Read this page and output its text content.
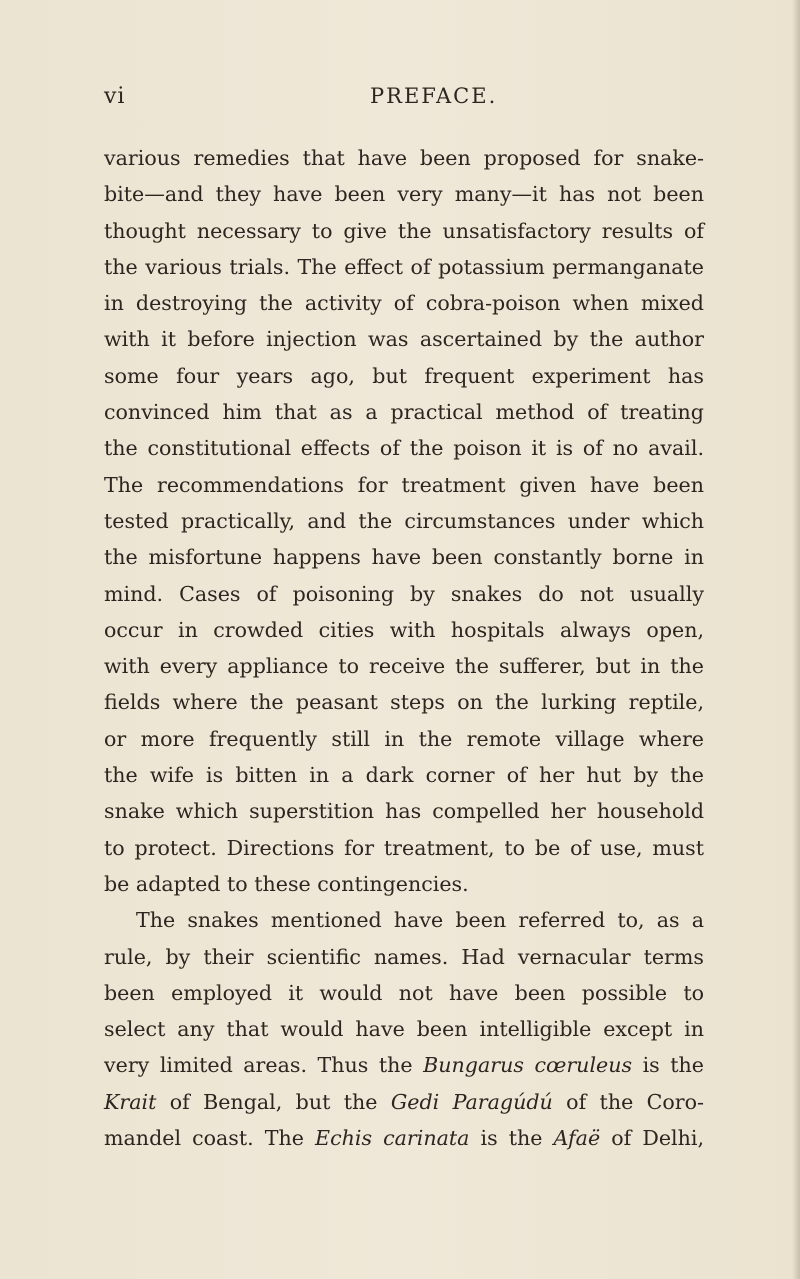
vi	PREFACE.
various remedies that have been proposed for snake-
bite—and they have been very many—it has not been
thought necessary to give the unsatisfactory results of
the various trials. The effect of potassium permanganate
in destroying the activity of cobra-poison when mixed
with it before injection was ascertained by the author
some four years ago, but frequent experiment has
convinced him that as a practical method of treating
the constitutional effects of the poison it is of no avail.
The recommendations for treatment given have been
tested practically, and the circumstances under which
the misfortune happens have been constantly borne in
mind. Cases of poisoning by snakes do not usually
occur in crowded cities with hospitals always open,
with every appliance to receive the sufferer, but in the
fields where the peasant steps on the lurking reptile,
or more frequently still in the remote village where
the wife is bitten in a dark corner of her hut by the
snake which superstition has compelled her household
to protect. Directions for treatment, to be of use, must
be adapted to these contingencies.
The snakes mentioned have been referred to, as a
rule, by their scientific names. Had vernacular terms
been employed it would not have been possible to
select any that would have been intelligible except in
very limited areas. Thus the Bungarus cœruleus is the
Krait of Bengal, but the Gedi Paragúdú of the Coro-
mandel coast. The Echis carinata is the Afaë of Delhi,
